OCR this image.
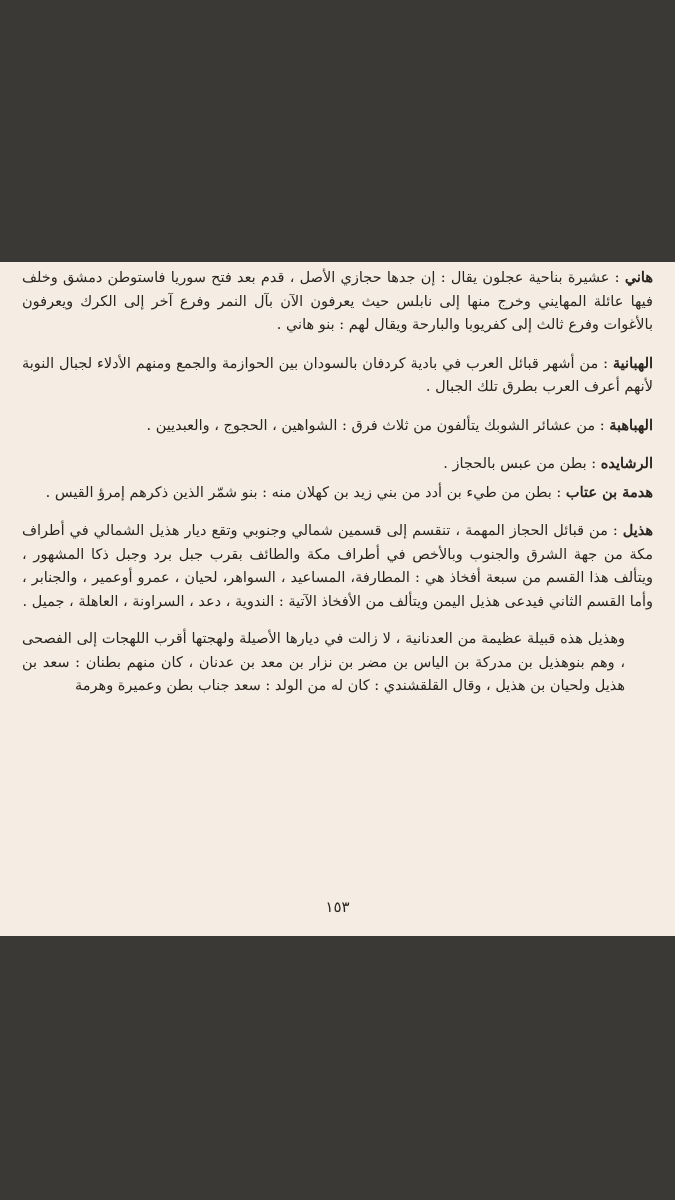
هاني : عشيرة بناحية عجلون يقال : إن جدها حجازي الأصل ، قدم بعد فتح سوريا فاستوطن دمشق وخلف فيها عائلة المهايني وخرج منها إلى نابلس حيث يعرفون الآن بآل النمر وفرع آخر إلى الكرك ويعرفون بالأغوات وفرع ثالث إلى كفريوبا والبارحة ويقال لهم : بنو هاني .

الهبانية : من أشهر قبائل العرب في بادية كردفان بالسودان بين الحوازمة والجمع ومنهم الأدلاء لجبال النوبة لأنهم أعرف العرب بطرق تلك الجبال .

الهباهبة : من عشائر الشوبك يتألفون من ثلاث فرق : الشواهين ، الحجوج ، والعبديين .

الرشايده : بطن من عبس بالحجاز .

هدمة بن عتاب : بطن من طيء بن أدد من بني زيد بن كهلان منه : بنو شمّر الذين ذكرهم إمرؤ القيس .

هذيل : من قبائل الحجاز المهمة ، تنقسم إلى قسمين شمالي وجنوبي وتقع ديار هذيل الشمالي في أطراف مكة من جهة الشرق والجنوب وبالأخص في أطراف مكة والطائف بقرب جبل برد وجبل ذكا المشهور ، ويتألف هذا القسم من سبعة أفخاذ هي : المطارفة، المساعيد ، السواهر، لحيان ، عمرو أوعمير ، والجنابر ، وأما القسم الثاني فيدعى هذيل اليمن ويتألف من الأفخاذ الآتية : الندوية ، دعد ، السراونة ، العاهلة ، جميل .

وهذيل هذه قبيلة عظيمة من العدنانية ، لا زالت في ديارها الأصيلة ولهجتها أقرب اللهجات إلى الفصحى ، وهم بنوهذيل بن مدركة بن الياس بن مضر بن نزار بن معد بن عدنان ، كان منهم بطنان : سعد بن هذيل ولحيان بن هذيل ، وقال القلقشندي : كان له من الولد : سعد جناب بطن وعميرة وهرمة

١٥٣
